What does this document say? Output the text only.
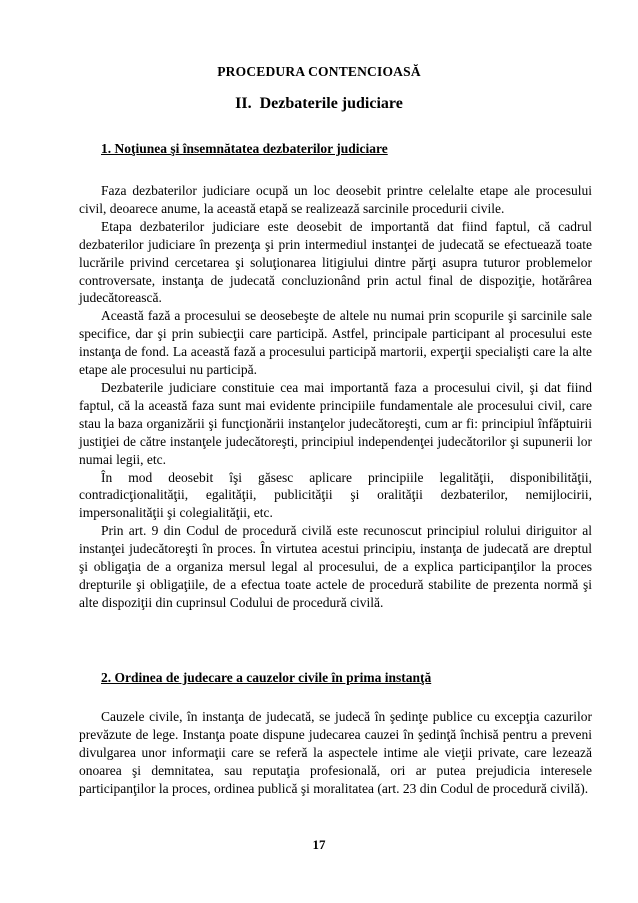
PROCEDURA CONTENCIOASĂ
II. Dezbaterile judiciare
1. Noţiunea şi însemnătatea dezbaterilor judiciare

Faza dezbaterilor judiciare ocupă un loc deosebit printre celelalte etape ale procesului civil, deoarece anume, la această etapă se realizează sarcinile procedurii civile.

Etapa dezbaterilor judiciare este deosebit de importantă dat fiind faptul, că cadrul dezbaterilor judiciare în prezenţa şi prin intermediul instanţei de judecată se efectuează toate lucrările privind cercetarea şi soluţionarea litigiului dintre părţi asupra tuturor problemelor controversate, instanţa de judecată concluzionând prin actul final de dispoziţie, hotărârea judecătorească.

Această fază a procesului se deosebeşte de altele nu numai prin scopurile şi sarcinile sale specifice, dar şi prin subiecţii care participă. Astfel, principale participant al procesului este instanţa de fond. La această fază a procesului participă martorii, experţii specialişti care la alte etape ale procesului nu participă.

Dezbaterile judiciare constituie cea mai importantă faza a procesului civil, şi dat fiind faptul, că la această faza sunt mai evidente principiile fundamentale ale procesului civil, care stau la baza organizării şi funcţionării instanţelor judecătoreşti, cum ar fi: principiul înfăptuirii justiţiei de către instanţele judecătoreşti, principiul independenţei judecătorilor şi supunerii lor numai legii, etc.

În mod deosebit îşi găsesc aplicare principiile legalităţii, disponibilităţii, contradicţionalităţii, egalităţii, publicităţii şi oralităţii dezbaterilor, nemijlocirii, impersonalităţii şi colegialităţii, etc.

Prin art. 9 din Codul de procedură civilă este recunoscut principiul rolului diriguitor al instanţei judecătoreşti în proces. În virtutea acestui principiu, instanţa de judecată are dreptul şi obligaţia de a organiza mersul legal al procesului, de a explica participanţilor la proces drepturile şi obligaţiile, de a efectua toate actele de procedură stabilite de prezenta normă şi alte dispoziţii din cuprinsul Codului de procedură civilă.

2. Ordinea de judecare a cauzelor civile în prima instanţă

Cauzele civile, în instanţa de judecată, se judecă în şedinţe publice cu excepţia cazurilor prevăzute de lege. Instanţa poate dispune judecarea cauzei în şedinţă închisă pentru a preveni divulgarea unor informaţii care se referă la aspectele intime ale vieţii private, care lezează onoarea şi demnitatea, sau reputaţia profesională, ori ar putea prejudicia interesele participanţilor la proces, ordinea publică şi moralitatea (art. 23 din Codul de procedură civilă).

17
